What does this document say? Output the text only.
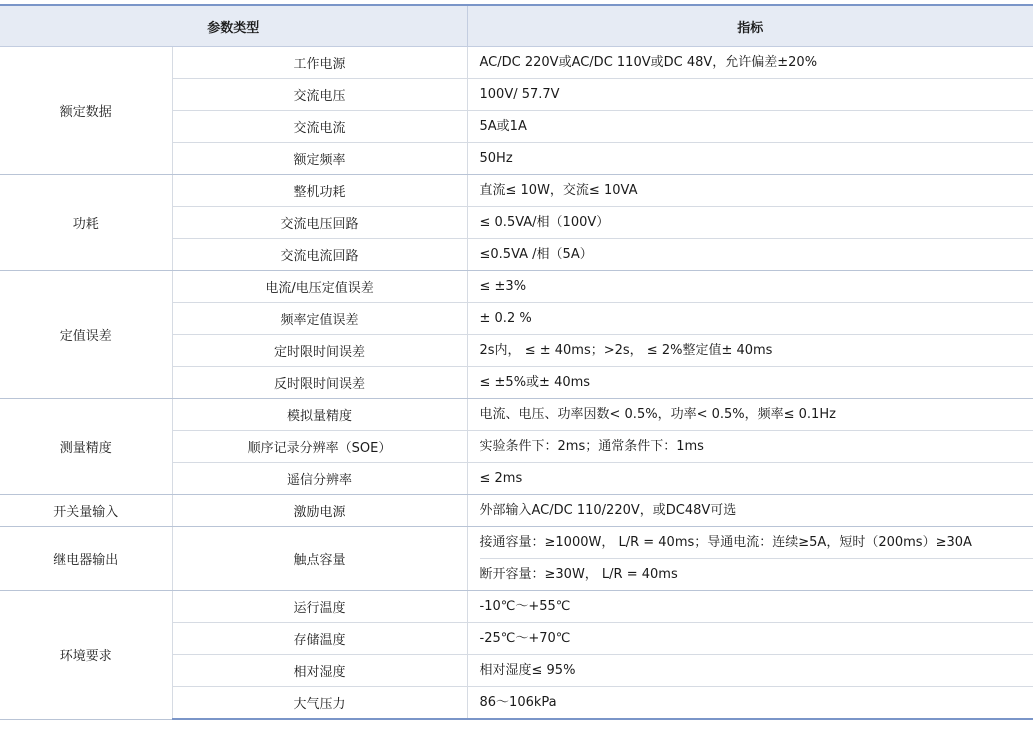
参数类型		指标
额定数据	工作电源	AC/DC 220V或AC/DC 110V或DC 48V，允许偏差±20%

	交流电压	100V/ 57.7V

	交流电流	5A或1A

	额定频率	50Hz

功耗	整机功耗	直流≤ 10W，交流≤ 10VA

	交流电压回路	≤ 0.5VA/相（100V）

	交流电流回路	≤0.5VA /相（5A）

定值误差	电流/电压定值误差	≤ ±3%

	频率定值误差	± 0.2 %

	定时限时间误差	2s内， ≤ ± 40ms；>2s， ≤ 2%整定值± 40ms

	反时限时间误差	≤ ±5%或± 40ms

测量精度	模拟量精度	电流、电压、功率因数< 0.5%，功率< 0.5%，频率≤ 0.1Hz

	顺序记录分辨率（SOE）	实验条件下：2ms；通常条件下：1ms

	遥信分辨率	≤ 2ms

开关量输入	激励电源	外部输入AC/DC 110/220V，或DC48V可选

继电器输出	触点容量	接通容量：≥1000W， L/R = 40ms；导通电流：连续≥5A，短时（200ms）≥30A
断开容量：≥30W， L/R = 40ms

环境要求	运行温度	-10℃～+55℃

	存储温度	-25℃～+70℃

	相对湿度	相对湿度≤ 95%

	大气压力	86～106kPa
